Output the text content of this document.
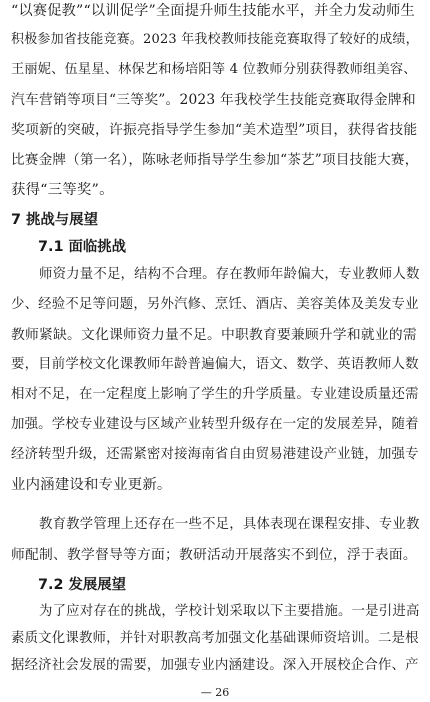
“以赛促教”“以训促学”全面提升师生技能水平，并全力发动师生
积极参加省技能竞赛。2023 年我校教师技能竞赛取得了较好的成绩，
王丽妮、伍星星、林保艺和杨培阳等 4 位教师分别获得教师组美容、
汽车营销等项目“三等奖”。2023 年我校学生技能竞赛取得金牌和
奖项新的突破，许振亮指导学生参加“美术造型”项目，获得省技能
比赛金牌（第一名），陈咏老师指导学生参加“茶艺”项目技能大赛，
获得“三等奖”。
7 挑战与展望
7.1 面临挑战
师资力量不足，结构不合理。存在教师年龄偏大，专业教师人数
少、经验不足等问题，另外汽修、烹饪、酒店、美容美体及美发专业
教师紧缺。文化课师资力量不足。中职教育要兼顾升学和就业的需
要，目前学校文化课教师年龄普遍偏大，语文、数学、英语教师人数
相对不足，在一定程度上影响了学生的升学质量。专业建设质量还需
加强。学校专业建设与区域产业转型升级存在一定的发展差异，随着
经济转型升级，还需紧密对接海南省自由贸易港建设产业链，加强专
业内涵建设和专业更新。
教育教学管理上还存在一些不足，具体表现在课程安排、专业教
师配制、教学督导等方面；教研活动开展落实不到位，浮于表面。
7.2 发展展望
为了应对存在的挑战，学校计划采取以下主要措施。一是引进高
素质文化课教师，并针对职教高考加强文化基础课师资培训。二是根
据经济社会发展的需要，加强专业内涵建设。深入开展校企合作、产
— 26
